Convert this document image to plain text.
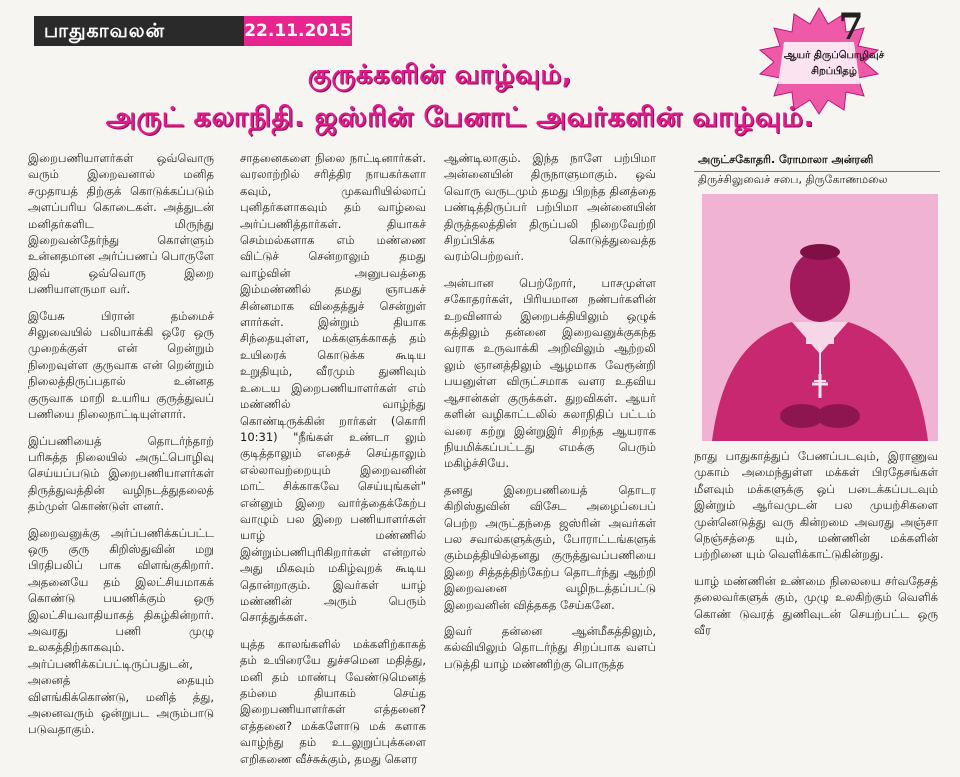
பாதுகாவலன்	22.11.2015	7
ஆயர் திருப்பொழிவுச்
சிறப்பிதழ்
குருக்களின் வாழ்வும்,
அருட் கலாநிதி. ஜஸ்ரின் பேனாட் அவர்களின் வாழ்வும்.

இறைபணியாளர்கள் ஒவ்வொரு வரும் இறைவனால் மனித சமுதாயத் திற்குக் கொடுக்கப்படும் அளப்பரிய கொடைகள். அத்துடன் மனிதர்களிட மிருந்து இறைவன்தேர்ந்து கொள்ளும் உன்னதமான அர்ப்பணப் பொருளே இவ் ஒவ்வொரு இறை பணியாளருமா வர்.

இயேசு பிரான் தம்மைச் சிலுவையில் பலியாக்கி ஒரே ஒரு முறைக்குள் என் றென்றும் நிறைவுள்ள குருவாக என் றென்றும் நிலைத்திருப்பதால் உன்னத குருவாக மாறி உயரிய குருத்துவப் பணியை நிலைநாட்டியுள்ளார்.

இப்பணியைத் தொடர்ந்தாற் பரிசுத்த நிலையில் அருட்பொழிவு செய்யப்படும் இறைபணியாளர்கள் திருத்துவத்தின் வழிநடத்துதலைத் தம்முள் கொண்டுள் ளனர்.

இறைவனுக்கு அர்ப்பணிக்கப்பட்ட ஒரு குரு கிறிஸ்துவின் மறு பிரதிபலிப் பாக விளங்குகிறார். அதனையே தம் இலட்சியமாகக் கொண்டு பயணிக்கும் ஒரு இலட்சியவாதியாகத் திகழ்கின்றார். அவரது பணி முழு உலகத்திற்காகவும். அர்ப்பணிக்கப்பட்டிருப்பதுடன், அனைத் தையும் விளங்கிக்கொண்டு, மனித் த்து, அனைவரும் ஒன்றுபட அரும்பாடு படுவதாகும்.

சாதனைகளை நிலை நாட்டினார்கள். வரலாற்றில் சரித்திர நாயகர்களா கவும், முகவரியில்லாப் புனிதர்களாகவும் தம் வாழ்வை அர்ப்பணித்தார்கள். தியாகச் செம்மல்களாக எம் மண்ணை விட்டுச் சென்றாலும் தமது வாழ்வின் அனுபவத்தை இம்மண்ணில் தமது ஞாபகச் சின்னமாக விதைத்துச் சென்றுள் ளார்கள். இன்றும் தியாக சிந்தையுள்ள, மக்களுக்காகத் தம் உயிரைக் கொடுக்க கூடிய உறுதியும், வீரமும் துணிவும் உடைய இறைபணியாளர்கள் எம் மண்ணில் வாழ்ந்து கொண்டிருக்கின் றார்கள் (கொரி 10:31) "நீங்கள் உண்டா லும் குடித்தாலும் எதைச் செய்தாலும் எல்லாவற்றையும் இறைவனின் மாட் சிக்காகவே செய்யுங்கள்" என்னும் இறை வார்த்தைக்கேற்ப வாழும் பல இறை பணியாளர்கள் யாழ் மண்ணில் இன்றும்பணிபுரிகிறார்கள் என்றால் அது மிகவும் மகிழ்வுறக் கூடிய தொன்றாகும். இவர்கள் யாழ் மண்ணின் அரும் பெரும் சொத்துக்கள்.

யுத்த காலங்களில் மக்களிற்காகத் தம் உயிரையே துச்சமென மதித்து, மனி தம் மாண்பு வேண்டுமெனத் தம்மை தியாகம் செய்த இறைபணியாளர்கள் எத்தனை? எத்தனை? மக்களோடு மக் களாக வாழ்ந்து தம் உடலுறுப்புக்களை எறிகணை வீச்சுக்கும், தமது கௌர

ஆண்டிலாகும். இந்த நாளே பற்பிமா அன்னையின் திருநாளுமாகும். ஒவ் வொரு வருடமும் தமது பிறந்த தினத்தை பண்டித்திருப்பர் பற்பிமா அன்னையின் திருத்தலத்தின் திருப்பலி நிறைவேற்றி சிறப்பிக்க கொடுத்துவைத்த வரம்பெற்றவர்.

அன்பான பெற்றோர், பாசமுள்ள சகோதரர்கள், பிரியமான நண்பர்களின் உறவினால் இறைபக்தியிலும் ஒழுக் கத்திலும் தன்னை இறைவனுக்குகந்த வராக உருவாக்கி அறிவிலும் ஆற்றலி லும் ஞானத்திலும் ஆழமாக வேரூன்றி பயனுள்ள விருட்சமாக வளர உதவிய ஆசான்கள் குருக்கள். துறவிகள். ஆயர் களின் வழிகாட்டலில் கலாநிதிப் பட்டம் வரை கற்று இன்றுஇர் சிறந்த ஆயராக நியமிக்கப்பட்டது எமக்கு பெரும் மகிழ்ச்சியே.

தனது இறைபணியைத் தொடர கிறிஸ்துவின் விசேட அழைப்பைப் பெற்ற அருட்தந்தை ஜஸ்ரின் அவர்கள் பல சவால்களுக்கும், போராட்டங்களுக் கும்மத்தியில்தனது குருத்துவப்பணியை இறை சித்தத்திற்கேற்ப தொடர்ந்து ஆற்றி இறைவனை வழிநடத்தப்பட்டு இறைவனின் வித்தகத சேய்கனே.

இவர் தன்னை ஆன்மீகத்திலும், கல்வியிலும் தொடர்ந்து சிறப்பாக வளப் படுத்தி யாழ் மண்ணிற்கு பொருத்த

அருட்சகோதரி. ரோமாலா அன்ரனி
திருச்சிலுவைச் சபை, திருகோணமலை

நாது பாதுகாத்துப் பேணப்படவும், இராணுவ முகாம் அமைந்துள்ள மக்கள் பிரதேசங்கள் மீளவும் மக்களுக்கு ஒப் படைக்கப்படவும் இன்றும் ஆர்வமுடன் பல முயற்சிகளை முன்னெடுத்து வரு கின்றமை அவரது அஞ்சா நெஞ்சத்தை யும், மண்ணின் மக்களின் பற்றினை யும் வெளிக்காட்டுகின்றது.

யாழ் மண்ணின் உண்மை நிலையை சர்வதேசத் தலைவர்களுக் கும், முழு உலகிற்கும் வெளிக் கொண் டுவரத் துணிவுடன் செயற்பட்ட ஒரு வீர
